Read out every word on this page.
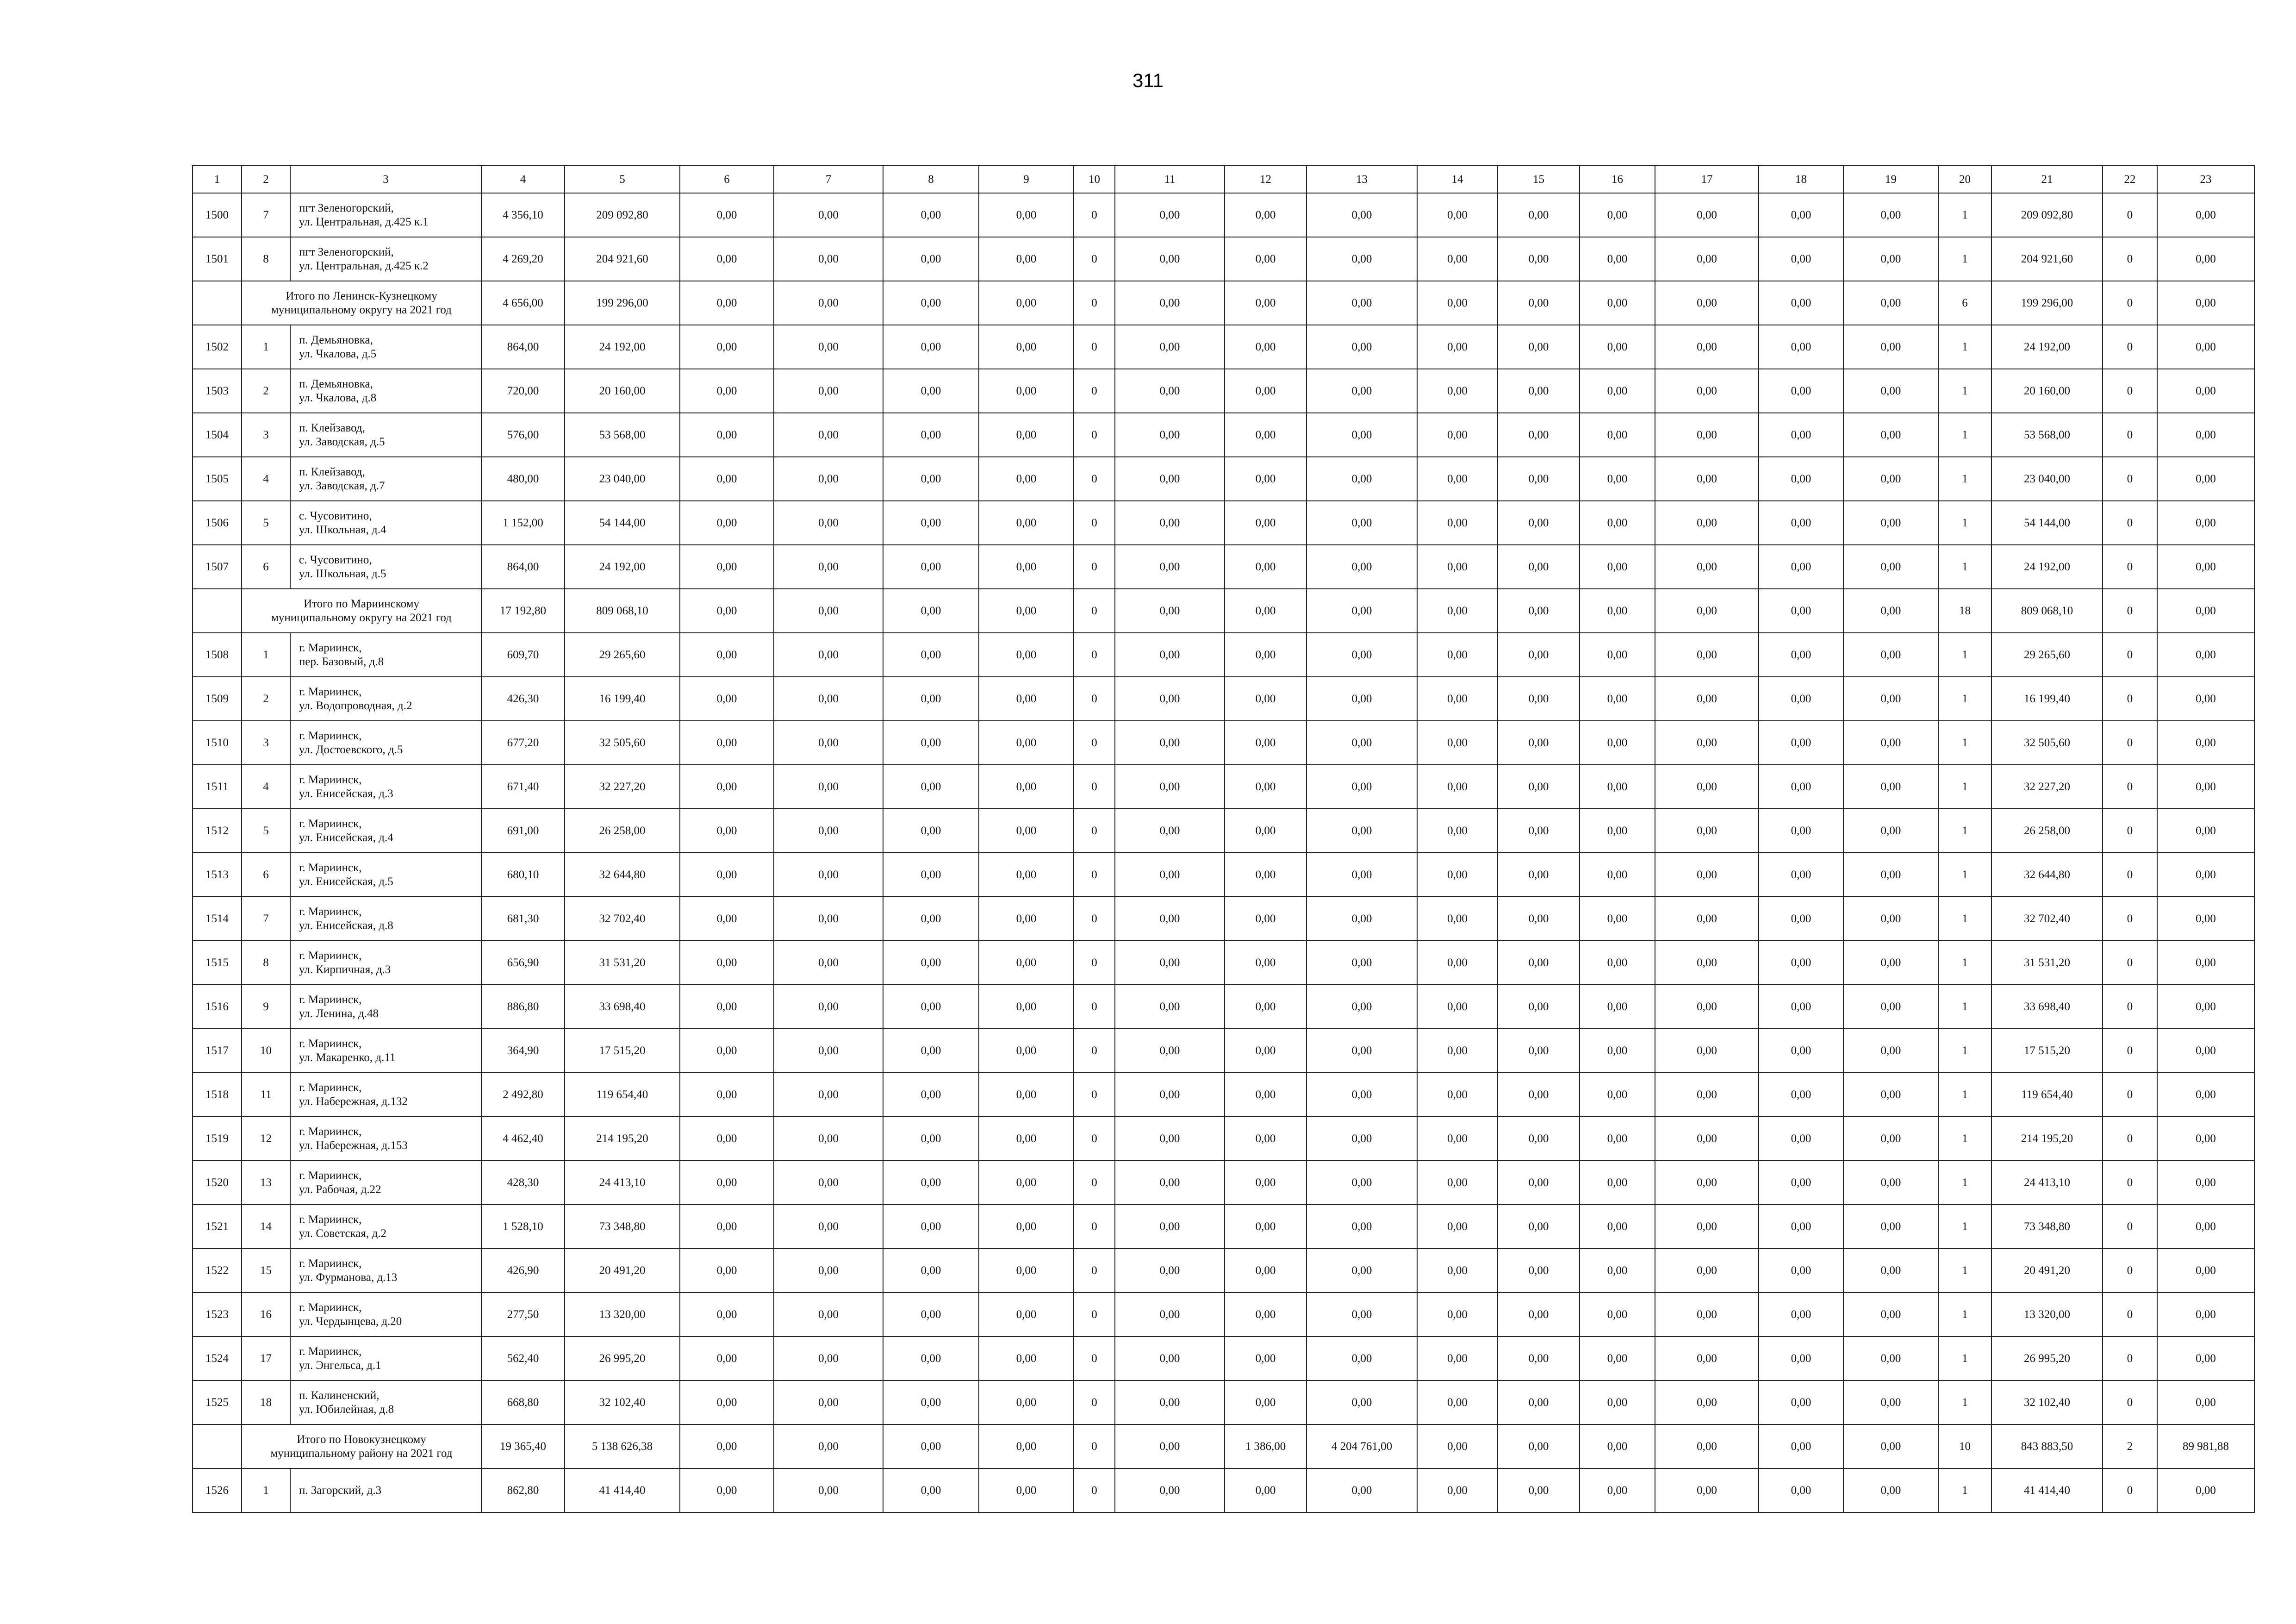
311
1	2	3	4	5	6	7	8	9	10	11	12	13	14	15	16	17	18	19	20	21	22	23
1500	7	пгт Зеленогорский,
ул. Центральная, д.425 к.1	4 356,10	209 092,80	0,00	0,00	0,00	0,00	0	0,00	0,00	0,00	0,00	0,00	0,00	0,00	0,00	0,00	1	209 092,80	0	0,00
1501	8	пгт Зеленогорский,
ул. Центральная, д.425 к.2	4 269,20	204 921,60	0,00	0,00	0,00	0,00	0	0,00	0,00	0,00	0,00	0,00	0,00	0,00	0,00	0,00	1	204 921,60	0	0,00

	Итого по Ленинск-Кузнецкому
муниципальному округу на 2021 год		4 656,00	199 296,00	0,00	0,00	0,00	0,00	0	0,00	0,00	0,00	0,00	0,00	0,00	0,00	0,00	0,00	6	199 296,00	0	0,00
1502	1	п. Демьяновка,
ул. Чкалова, д.5	864,00	24 192,00	0,00	0,00	0,00	0,00	0	0,00	0,00	0,00	0,00	0,00	0,00	0,00	0,00	0,00	1	24 192,00	0	0,00
1503	2	п. Демьяновка,
ул. Чкалова, д.8	720,00	20 160,00	0,00	0,00	0,00	0,00	0	0,00	0,00	0,00	0,00	0,00	0,00	0,00	0,00	0,00	1	20 160,00	0	0,00
1504	3	п. Клейзавод,
ул. Заводская, д.5	576,00	53 568,00	0,00	0,00	0,00	0,00	0	0,00	0,00	0,00	0,00	0,00	0,00	0,00	0,00	0,00	1	53 568,00	0	0,00
1505	4	п. Клейзавод,
ул. Заводская, д.7	480,00	23 040,00	0,00	0,00	0,00	0,00	0	0,00	0,00	0,00	0,00	0,00	0,00	0,00	0,00	0,00	1	23 040,00	0	0,00
1506	5	с. Чусовитино,
ул. Школьная, д.4	1 152,00	54 144,00	0,00	0,00	0,00	0,00	0	0,00	0,00	0,00	0,00	0,00	0,00	0,00	0,00	0,00	1	54 144,00	0	0,00
1507	6	с. Чусовитино,
ул. Школьная, д.5	864,00	24 192,00	0,00	0,00	0,00	0,00	0	0,00	0,00	0,00	0,00	0,00	0,00	0,00	0,00	0,00	1	24 192,00	0	0,00

	Итого по Мариинскому
муниципальному округу на 2021 год		17 192,80	809 068,10	0,00	0,00	0,00	0,00	0	0,00	0,00	0,00	0,00	0,00	0,00	0,00	0,00	0,00	18	809 068,10	0	0,00
1508	1	г. Мариинск,
пер. Базовый, д.8	609,70	29 265,60	0,00	0,00	0,00	0,00	0	0,00	0,00	0,00	0,00	0,00	0,00	0,00	0,00	0,00	1	29 265,60	0	0,00
1509	2	г. Мариинск,
ул. Водопроводная, д.2	426,30	16 199,40	0,00	0,00	0,00	0,00	0	0,00	0,00	0,00	0,00	0,00	0,00	0,00	0,00	0,00	1	16 199,40	0	0,00
1510	3	г. Мариинск,
ул. Достоевского, д.5	677,20	32 505,60	0,00	0,00	0,00	0,00	0	0,00	0,00	0,00	0,00	0,00	0,00	0,00	0,00	0,00	1	32 505,60	0	0,00
1511	4	г. Мариинск,
ул. Енисейская, д.3	671,40	32 227,20	0,00	0,00	0,00	0,00	0	0,00	0,00	0,00	0,00	0,00	0,00	0,00	0,00	0,00	1	32 227,20	0	0,00
1512	5	г. Мариинск,
ул. Енисейская, д.4	691,00	26 258,00	0,00	0,00	0,00	0,00	0	0,00	0,00	0,00	0,00	0,00	0,00	0,00	0,00	0,00	1	26 258,00	0	0,00
1513	6	г. Мариинск,
ул. Енисейская, д.5	680,10	32 644,80	0,00	0,00	0,00	0,00	0	0,00	0,00	0,00	0,00	0,00	0,00	0,00	0,00	0,00	1	32 644,80	0	0,00
1514	7	г. Мариинск,
ул. Енисейская, д.8	681,30	32 702,40	0,00	0,00	0,00	0,00	0	0,00	0,00	0,00	0,00	0,00	0,00	0,00	0,00	0,00	1	32 702,40	0	0,00
1515	8	г. Мариинск,
ул. Кирпичная, д.3	656,90	31 531,20	0,00	0,00	0,00	0,00	0	0,00	0,00	0,00	0,00	0,00	0,00	0,00	0,00	0,00	1	31 531,20	0	0,00
1516	9	г. Мариинск,
ул. Ленина, д.48	886,80	33 698,40	0,00	0,00	0,00	0,00	0	0,00	0,00	0,00	0,00	0,00	0,00	0,00	0,00	0,00	1	33 698,40	0	0,00
1517	10	г. Мариинск,
ул. Макаренко, д.11	364,90	17 515,20	0,00	0,00	0,00	0,00	0	0,00	0,00	0,00	0,00	0,00	0,00	0,00	0,00	0,00	1	17 515,20	0	0,00
1518	11	г. Мариинск,
ул. Набережная, д.132	2 492,80	119 654,40	0,00	0,00	0,00	0,00	0	0,00	0,00	0,00	0,00	0,00	0,00	0,00	0,00	0,00	1	119 654,40	0	0,00
1519	12	г. Мариинск,
ул. Набережная, д.153	4 462,40	214 195,20	0,00	0,00	0,00	0,00	0	0,00	0,00	0,00	0,00	0,00	0,00	0,00	0,00	0,00	1	214 195,20	0	0,00
1520	13	г. Мариинск,
ул. Рабочая, д.22	428,30	24 413,10	0,00	0,00	0,00	0,00	0	0,00	0,00	0,00	0,00	0,00	0,00	0,00	0,00	0,00	1	24 413,10	0	0,00
1521	14	г. Мариинск,
ул. Советская, д.2	1 528,10	73 348,80	0,00	0,00	0,00	0,00	0	0,00	0,00	0,00	0,00	0,00	0,00	0,00	0,00	0,00	1	73 348,80	0	0,00
1522	15	г. Мариинск,
ул. Фурманова, д.13	426,90	20 491,20	0,00	0,00	0,00	0,00	0	0,00	0,00	0,00	0,00	0,00	0,00	0,00	0,00	0,00	1	20 491,20	0	0,00
1523	16	г. Мариинск,
ул. Чердынцева, д.20	277,50	13 320,00	0,00	0,00	0,00	0,00	0	0,00	0,00	0,00	0,00	0,00	0,00	0,00	0,00	0,00	1	13 320,00	0	0,00
1524	17	г. Мариинск,
ул. Энгельса, д.1	562,40	26 995,20	0,00	0,00	0,00	0,00	0	0,00	0,00	0,00	0,00	0,00	0,00	0,00	0,00	0,00	1	26 995,20	0	0,00
1525	18	п. Калиненский,
ул. Юбилейная, д.8	668,80	32 102,40	0,00	0,00	0,00	0,00	0	0,00	0,00	0,00	0,00	0,00	0,00	0,00	0,00	0,00	1	32 102,40	0	0,00

	Итого по Новокузнецкому
муниципальному району на 2021 год		19 365,40	5 138 626,38	0,00	0,00	0,00	0,00	0	0,00	1 386,00	4 204 761,00	0,00	0,00	0,00	0,00	0,00	0,00	10	843 883,50	2	89 981,88
1526	1	п. Загорский, д.3	862,80	41 414,40	0,00	0,00	0,00	0,00	0	0,00	0,00	0,00	0,00	0,00	0,00	0,00	0,00	0,00	1	41 414,40	0	0,00
